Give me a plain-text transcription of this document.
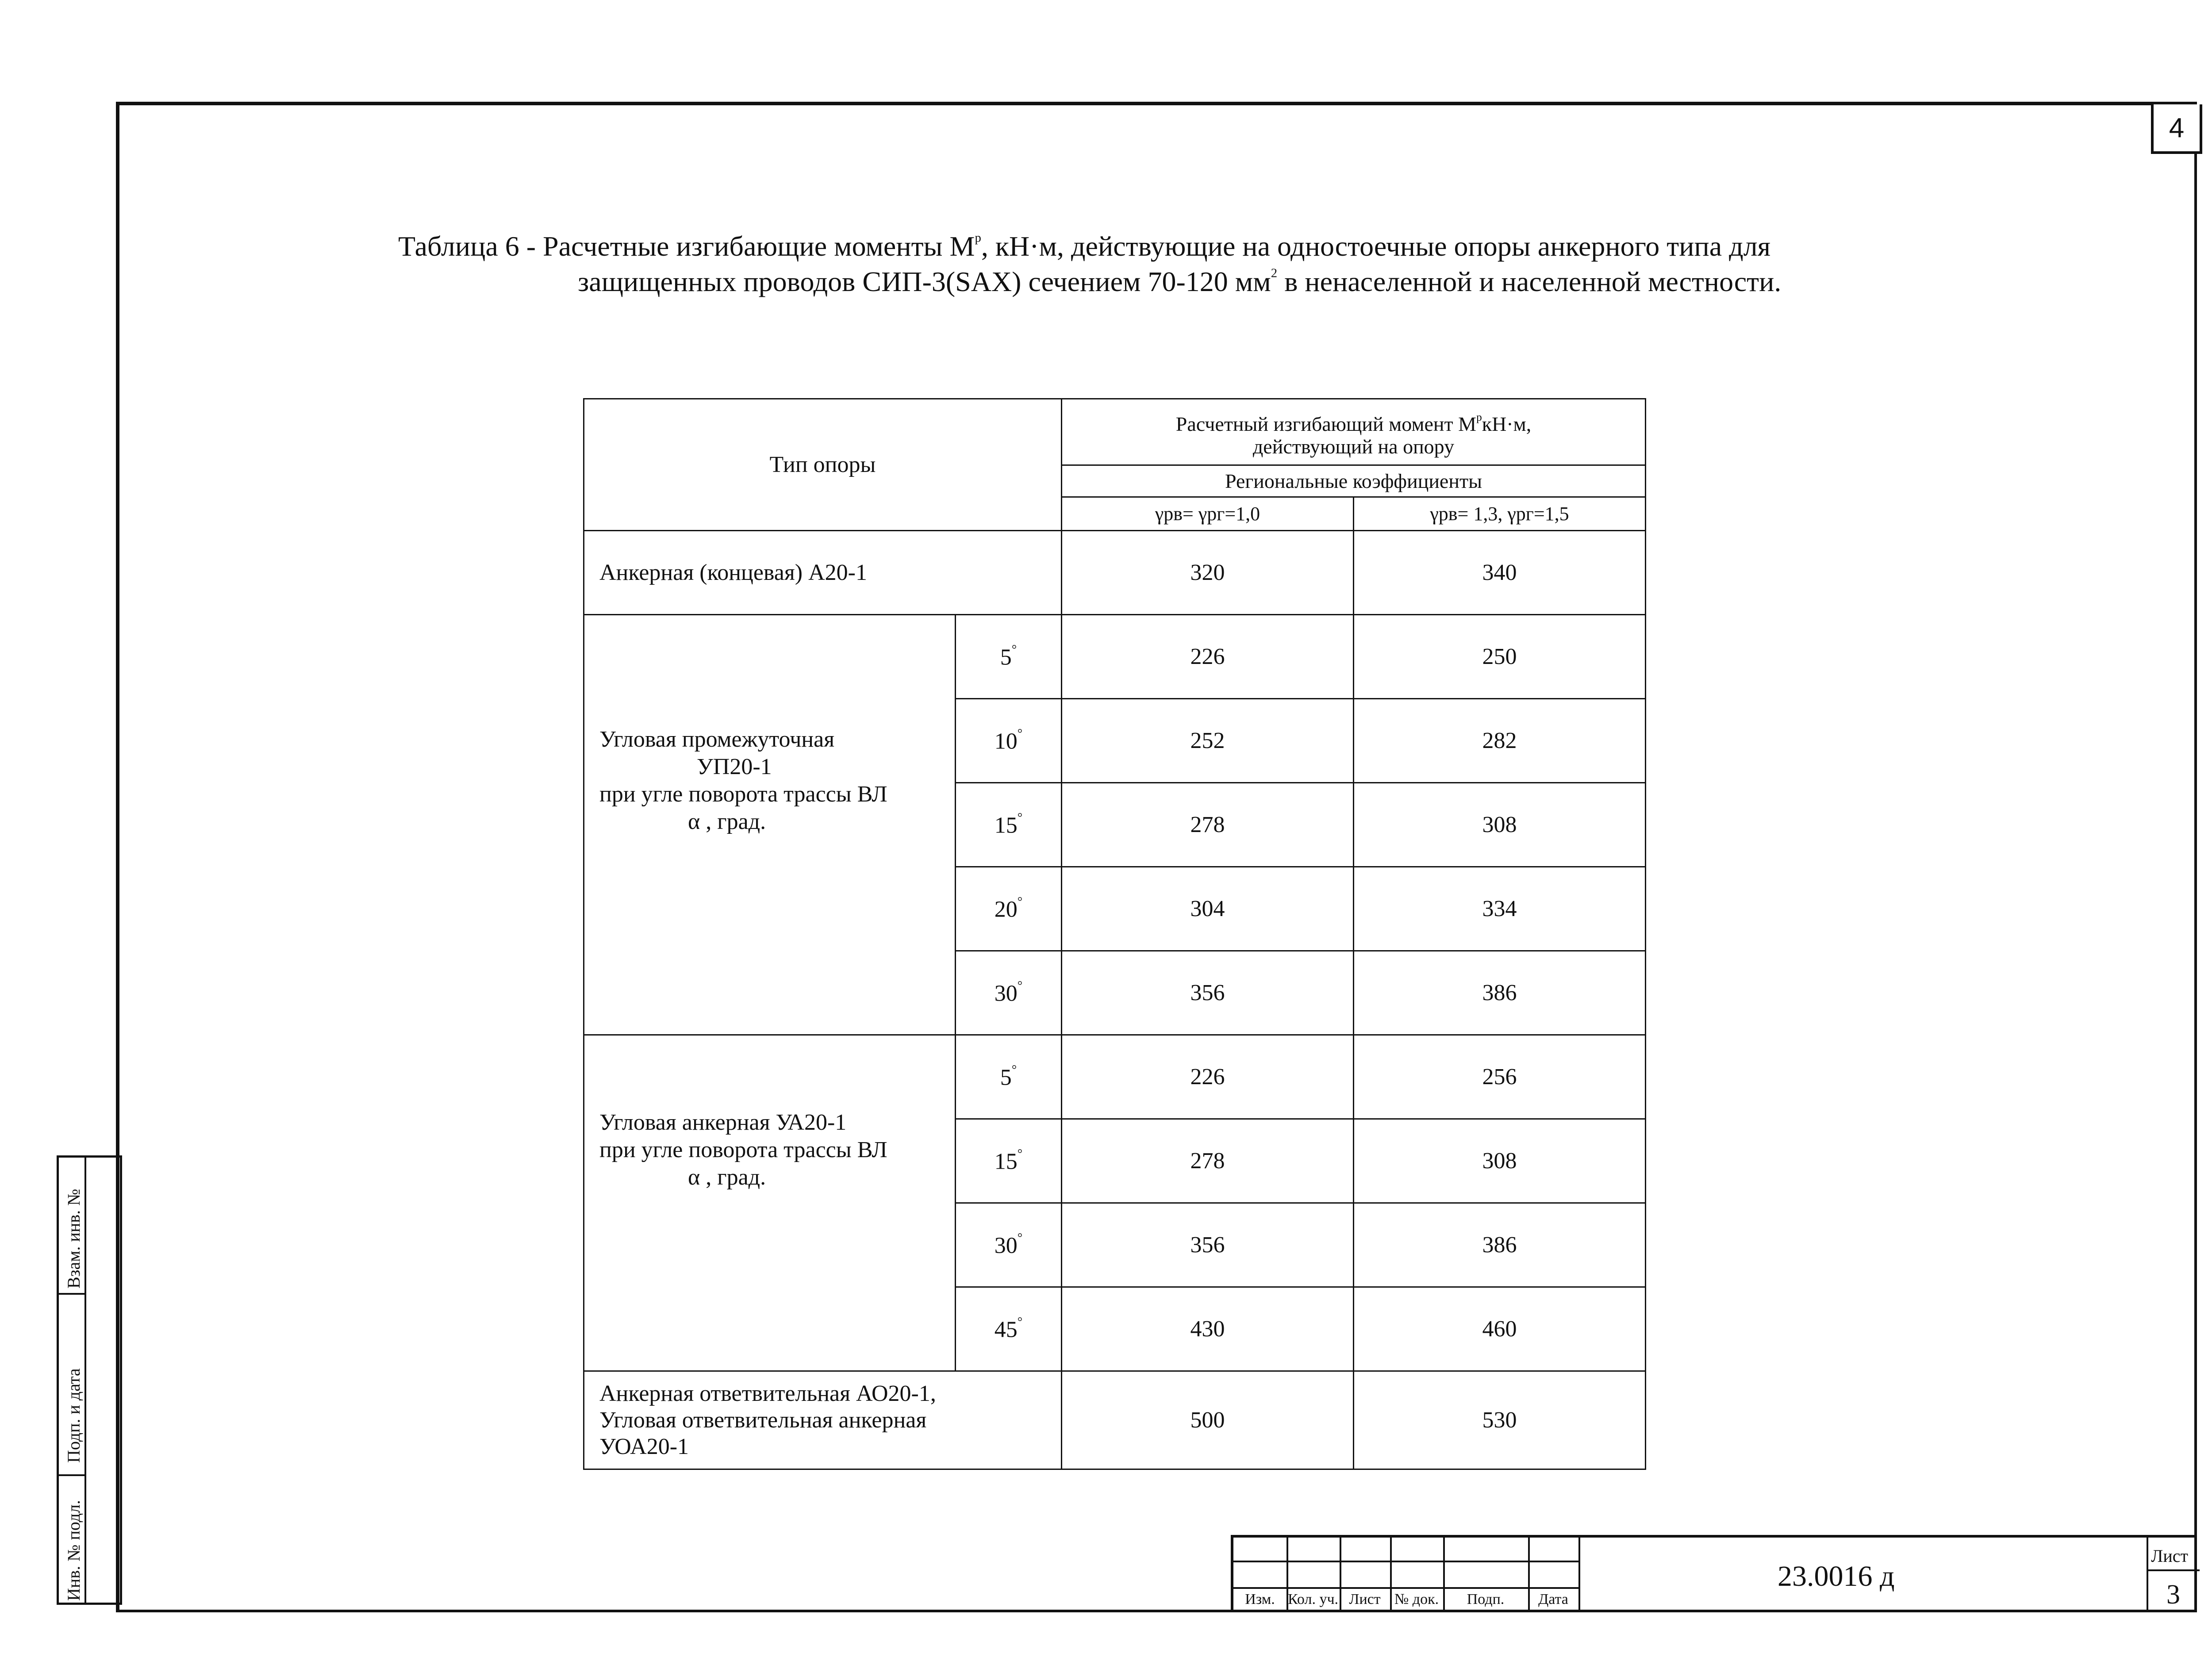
4
Таблица 6 - Расчетные изгибающие моменты $М^р$, кН·м, действующие на одностоечные опоры анкерного типа для
защищенных проводов СИП-3(SAX) сечением 70-120 $мм^2$ в ненаселенной и населенной местности.
Тип опоры		Расчетный изгибающий момент $М^ркН\cdot м$,
действующий на опору	
		Региональные коэффициенты	
		γрв= γрг=1,0	γрв= 1,3, γрг=1,5
Анкерная (концевая) А20-1		320	340
Угловая промежуточная
УП20-1
при угле поворота трассы ВЛ
α , град.	5°	226	250
	10°	252	282
	15°	278	308
	20°	304	334
	30°	356	386
Угловая анкерная УА20-1
при угле поворота трассы ВЛ
α , град.	5°	226	256
	15°	278	308
	30°	356	386
	45°	430	460
Анкерная ответвительная АО20-1,
Угловая ответвительная анкерная
УОА20-1		500	530
Взам. инв. №
Подп. и дата
Инв. № подл.	Изм. Кол. уч. Лист № док.	Подп.	Дата
23.0016 д
Лист
3
